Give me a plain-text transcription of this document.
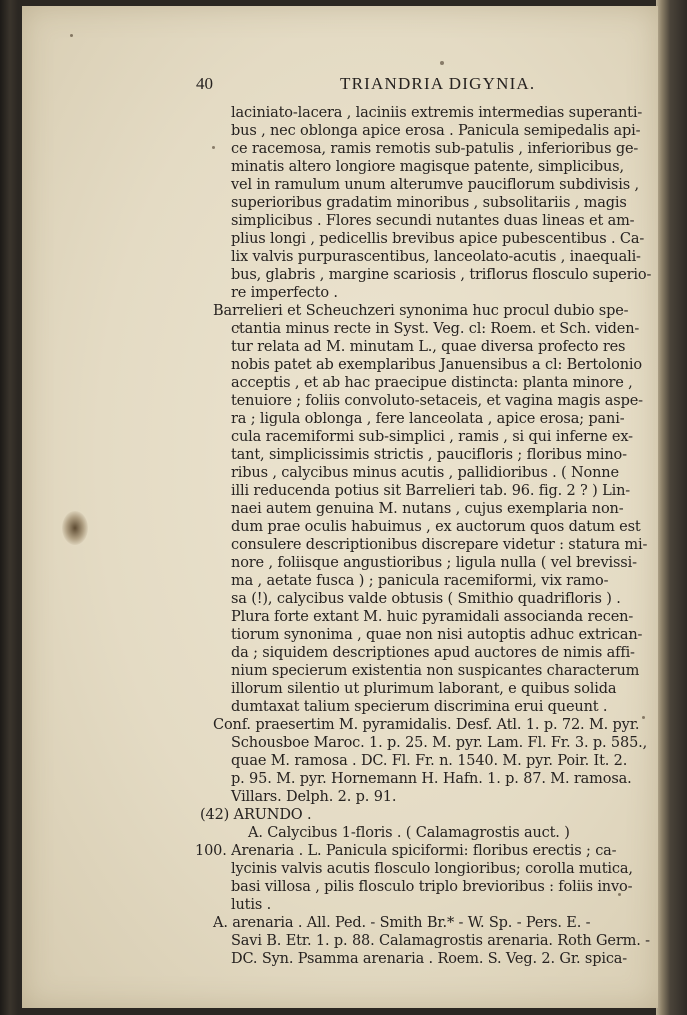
40	TRIANDRIA DIGYNIA.
laciniato-lacera , laciniis extremis intermedias superanti-
bus , nec oblonga apice erosa . Panicula semipedalis api-
ce racemosa, ramis remotis sub-patulis , inferioribus ge-
minatis altero longiore magisque patente, simplicibus,
vel in ramulum unum alterumve pauciflorum subdivisis ,
superioribus gradatim minoribus , subsolitariis , magis
simplicibus . Flores secundi nutantes duas lineas et am-
plius longi , pedicellis brevibus apice pubescentibus . Ca-
lix valvis purpurascentibus, lanceolato-acutis , inaequali-
bus, glabris , margine scariosis , triflorus flosculo superio-
re imperfecto .
Barrelieri et Scheuchzeri synonima huc procul dubio spe-
ctantia minus recte in Syst. Veg. cl: Roem. et Sch. viden-
tur relata ad M. minutam L., quae diversa profecto res
nobis patet ab exemplaribus Januensibus a cl: Bertolonio
acceptis , et ab hac praecipue distincta: planta minore ,
tenuiore ; foliis convoluto-setaceis, et vagina magis aspe-
ra ; ligula oblonga , fere lanceolata , apice erosa; pani-
cula racemiformi sub-simplici , ramis , si qui inferne ex-
tant, simplicissimis strictis , paucifloris ; floribus mino-
ribus , calycibus minus acutis , pallidioribus . ( Nonne
illi reducenda potius sit Barrelieri tab. 96. fig. 2 ? ) Lin-
naei autem genuina M. nutans , cujus exemplaria non-
dum prae oculis habuimus , ex auctorum quos datum est
consulere descriptionibus discrepare videtur : statura mi-
nore , foliisque angustioribus ; ligula nulla ( vel brevissi-
ma , aetate fusca ) ; panicula racemiformi, vix ramo-
sa (!), calycibus valde obtusis ( Smithio quadrifloris ) .
Plura forte extant M. huic pyramidali associanda recen-
tiorum synonima , quae non nisi autoptis adhuc extrican-
da ; siquidem descriptiones apud auctores de nimis affi-
nium specierum existentia non suspicantes characterum
illorum silentio ut plurimum laborant, e quibus solida
dumtaxat talium specierum discrimina erui queunt .
Conf. praesertim M. pyramidalis. Desf. Atl. 1. p. 72. M. pyr.
Schousboe Maroc. 1. p. 25. M. pyr. Lam. Fl. Fr. 3. p. 585.,
quae M. ramosa . DC. Fl. Fr. n. 1540. M. pyr. Poir. It. 2.
p. 95. M. pyr. Hornemann H. Hafn. 1. p. 87. M. ramosa.
Villars. Delph. 2. p. 91.
(42) ARUNDO .
A. Calycibus 1-floris . ( Calamagrostis auct. )
100. Arenaria . L. Panicula spiciformi: floribus erectis ; ca-
lycinis valvis acutis flosculo longioribus; corolla mutica,
basi villosa , pilis flosculo triplo brevioribus : foliis invo-
lutis .
A. arenaria . All. Ped. - Smith Br.* - W. Sp. - Pers. E. -
Savi B. Etr. 1. p. 88. Calamagrostis arenaria. Roth Germ. -
DC. Syn. Psamma arenaria . Roem. S. Veg. 2. Gr. spica-
